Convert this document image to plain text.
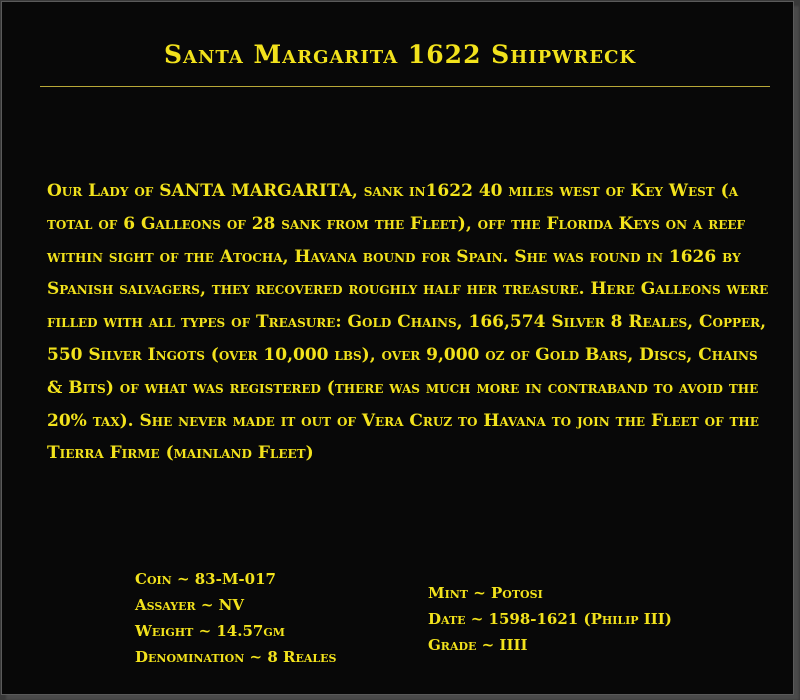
Santa Margarita 1622 Shipwreck

Our Lady of SANTA MARGARITA, sank in1622 40 miles west of Key West (a total of 6 Galleons of 28 sank from the Fleet), off the Florida Keys on a reef within sight of the Atocha, Havana bound for Spain. She was found in 1626 by Spanish salvagers, they recovered roughly half her treasure. Here Galleons were filled with all types of Treasure: Gold Chains, 166,574 Silver 8 Reales, Copper, 550 Silver Ingots (over 10,000 lbs), over 9,000 oz of Gold Bars, Discs, Chains & Bits) of what was registered (there was much more in contraband to avoid the 20% tax). She never made it out of Vera Cruz to Havana to join the Fleet of the Tierra Firme (mainland Fleet)

Coin ~ 83-M-017
Assayer ~ NV
Weight ~ 14.57gm
Denomination ~ 8 Reales
Mint ~ Potosi
Date ~ 1598-1621 (Philip III)
Grade ~ IIII
